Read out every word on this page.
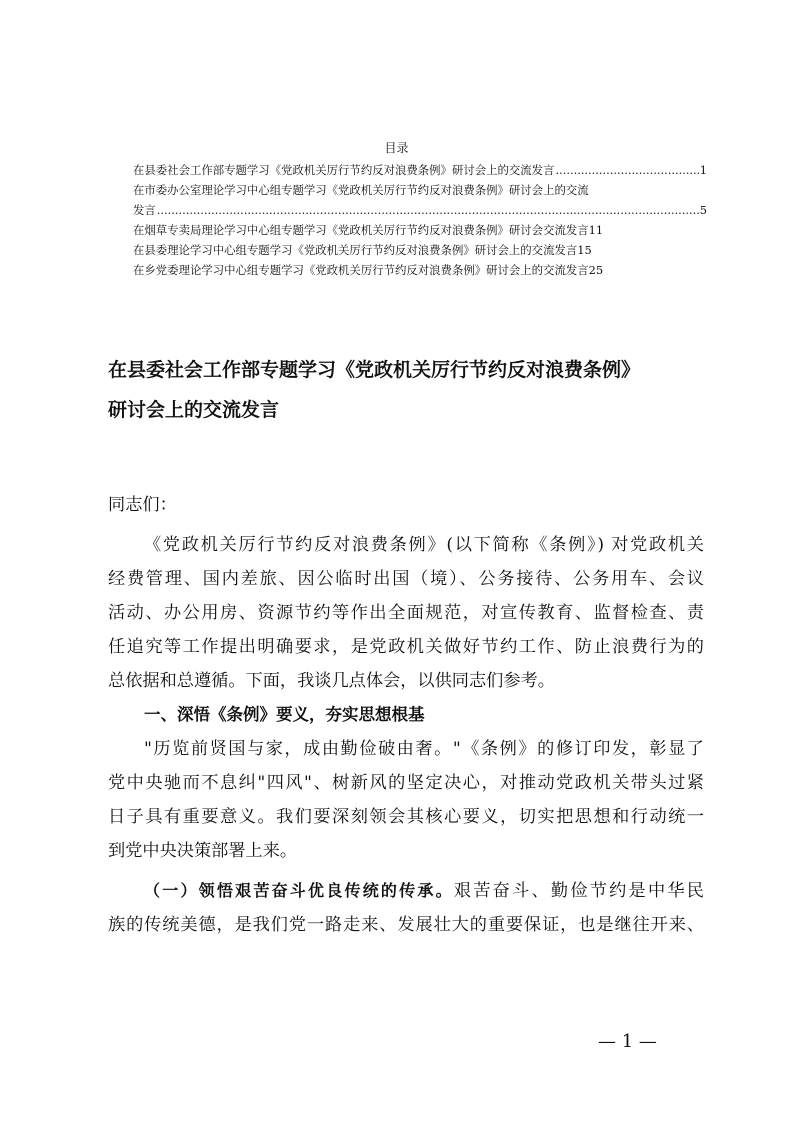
目录
在县委社会工作部专题学习《党政机关厉行节约反对浪费条例》研讨会上的交流发言 .....	1
在市委办公室理论学习中心组专题学习《党政机关厉行节约反对浪费条例》研讨会上的交流
发言 .....	5
在烟草专卖局理论学习中心组专题学习《党政机关厉行节约反对浪费条例》研讨会交流发言 11
在县委理论学习中心组专题学习《党政机关厉行节约反对浪费条例》研讨会上的交流发言 15
在乡党委理论学习中心组专题学习《党政机关厉行节约反对浪费条例》研讨会上的交流发言 25
在县委社会工作部专题学习《党政机关厉行节约反对浪费条例》
研讨会上的交流发言
同志们：
《党政机关厉行节约反对浪费条例》(以下简称《条例》) 对党政机关
经费管理、国内差旅、因公临时出国（境）、公务接待、公务用车、会议
活动、办公用房、资源节约等作出全面规范，对宣传教育、监督检查、责
任追究等工作提出明确要求，是党政机关做好节约工作、防止浪费行为的
总依据和总遵循。下面，我谈几点体会，以供同志们参考。
一、深悟《条例》要义，夯实思想根基
"历览前贤国与家，成由勤俭破由奢。"《条例》的修订印发，彰显了
党中央驰而不息纠"四风"、树新风的坚定决心，对推动党政机关带头过紧
日子具有重要意义。我们要深刻领会其核心要义，切实把思想和行动统一
到党中央决策部署上来。
（一）领悟艰苦奋斗优良传统的传承。艰苦奋斗、勤俭节约是中华民
族的传统美德，是我们党一路走来、发展壮大的重要保证，也是继往开来、
— 1 —
